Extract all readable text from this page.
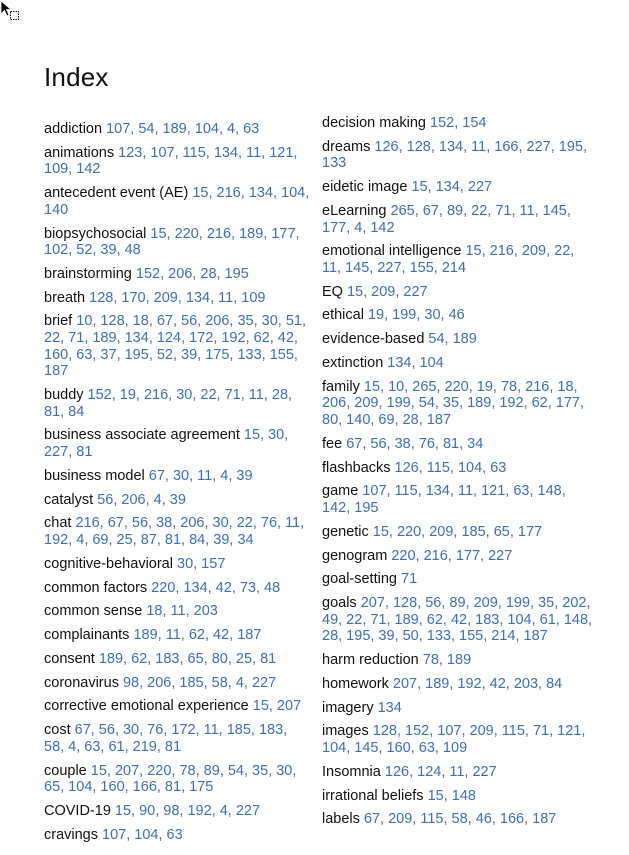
Index
addiction 107, 54, 189, 104, 4, 63
animations 123, 107, 115, 134, 11, 121, 109, 142
antecedent event (AE) 15, 216, 134, 104, 140
biopsychosocial 15, 220, 216, 189, 177, 102, 52, 39, 48
brainstorming 152, 206, 28, 195
breath 128, 170, 209, 134, 11, 109
brief 10, 128, 18, 67, 56, 206, 35, 30, 51, 22, 71, 189, 134, 124, 172, 192, 62, 42, 160, 63, 37, 195, 52, 39, 175, 133, 155, 187
buddy 152, 19, 216, 30, 22, 71, 11, 28, 81, 84
business associate agreement 15, 30, 227, 81
business model 67, 30, 11, 4, 39
catalyst 56, 206, 4, 39
chat 216, 67, 56, 38, 206, 30, 22, 76, 11, 192, 4, 69, 25, 87, 81, 84, 39, 34
cognitive-behavioral 30, 157
common factors 220, 134, 42, 73, 48
common sense 18, 11, 203
complainants 189, 11, 62, 42, 187
consent 189, 62, 183, 65, 80, 25, 81
coronavirus 98, 206, 185, 58, 4, 227
corrective emotional experience 15, 207
cost 67, 56, 30, 76, 172, 11, 185, 183, 58, 4, 63, 61, 219, 81
couple 15, 207, 220, 78, 89, 54, 35, 30, 65, 104, 160, 166, 81, 175
COVID-19 15, 90, 98, 192, 4, 227
cravings 107, 104, 63
decision making 152, 154
dreams 126, 128, 134, 11, 166, 227, 195, 133
eidetic image 15, 134, 227
eLearning 265, 67, 89, 22, 71, 11, 145, 177, 4, 142
emotional intelligence 15, 216, 209, 22, 11, 145, 227, 155, 214
EQ 15, 209, 227
ethical 19, 199, 30, 46
evidence-based 54, 189
extinction 134, 104
family 15, 10, 265, 220, 19, 78, 216, 18, 206, 209, 199, 54, 35, 189, 192, 62, 177, 80, 140, 69, 28, 187
fee 67, 56, 38, 76, 81, 34
flashbacks 126, 115, 104, 63
game 107, 115, 134, 11, 121, 63, 148, 142, 195
genetic 15, 220, 209, 185, 65, 177
genogram 220, 216, 177, 227
goal-setting 71
goals 207, 128, 56, 89, 209, 199, 35, 202, 49, 22, 71, 189, 62, 42, 183, 104, 61, 148, 28, 195, 39, 50, 133, 155, 214, 187
harm reduction 78, 189
homework 207, 189, 192, 42, 203, 84
imagery 134
images 128, 152, 107, 209, 115, 71, 121, 104, 145, 160, 63, 109
Insomnia 126, 124, 11, 227
irrational beliefs 15, 148
labels 67, 209, 115, 58, 46, 166, 187
